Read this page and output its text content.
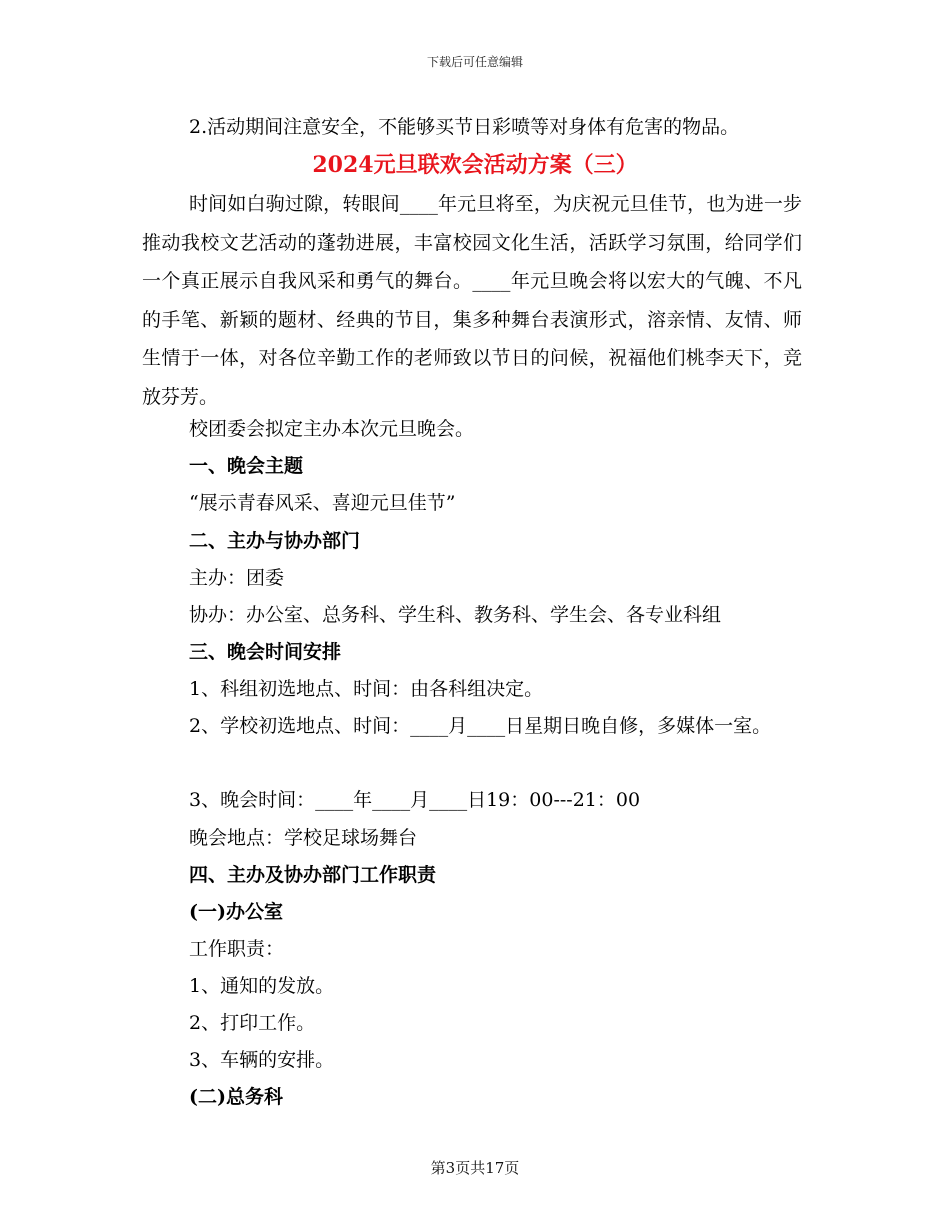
下载后可任意编辑
2.活动期间注意安全，不能够买节日彩喷等对身体有危害的物品。
2024元旦联欢会活动方案（三）
时间如白驹过隙，转眼间____年元旦将至，为庆祝元旦佳节，也为进一步推动我校文艺活动的蓬勃进展，丰富校园文化生活，活跃学习氛围，给同学们一个真正展示自我风采和勇气的舞台。____年元旦晚会将以宏大的气魄、不凡的手笔、新颖的题材、经典的节目，集多种舞台表演形式，溶亲情、友情、师生情于一体，对各位辛勤工作的老师致以节日的问候，祝福他们桃李天下，竞放芬芳。
校团委会拟定主办本次元旦晚会。
一、晚会主题
“展示青春风采、喜迎元旦佳节”
二、主办与协办部门
主办：团委
协办：办公室、总务科、学生科、教务科、学生会、各专业科组
三、晚会时间安排
1、科组初选地点、时间：由各科组决定。
2、学校初选地点、时间：____月____日星期日晚自修，多媒体一室。
3、晚会时间：____年____月____日19：00---21：00
晚会地点：学校足球场舞台
四、主办及协办部门工作职责
(一)办公室
工作职责：
1、通知的发放。
2、打印工作。
3、车辆的安排。
(二)总务科
第3页共17页
